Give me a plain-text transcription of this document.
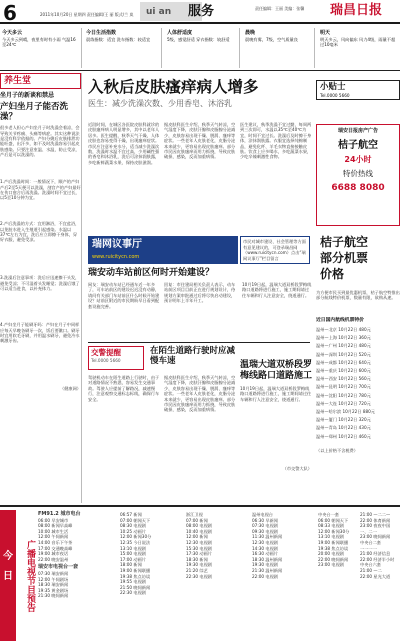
6	2011年10月20日 星期四 责任编辑/王 丽 版式/兰 岚	ui an	服务	责任编辑：王丽 美编：张馨	瑞昌日报
今天多云
今天多云到晴，夜里有时有小雨 气温16至24℃
今日生活指数
晨练指数：适宜 洗车指数：较适宜
人体舒适度
5级，感觉舒适 穿衣指数：较舒适
晨晚
晨晚有雾，7级，空气质量良
明天
明天多云，风向偏东 风力4级，雨量不超过10毫米
养生堂
坐月子的新谈和禁忌
产妇坐月子能否洗澡？
很多老人担心产妇坐月子时洗澡会着凉，会导致关节疼痛、头痛等病症。其实这种说法是没有科学依据的。产妇分娩后皮肤排泄功能旺盛，出汗多，如不及时洗澡容易引起皮肤感染。只要注意室温、水温，防止受凉，产后是可以洗澡的。
1.产后洗澡时间：一般情况下，顺产的产妇产后2至5天便可以洗澡，剖宫产的产妇最好在伤口愈合后再洗澡。洗澡时间不宜过长，以5至10分钟为宜。
2.产后洗澡的方式：宜用淋浴，不宜盆浴，以免脏水进入生殖道引起感染。水温以37℃左右为宜，洗后应立即擦干身体，穿好衣服，避免受凉。
3.洗澡后注意事项：洗后应迅速擦干头发，避免受凉；不可湿着头发睡觉；洗澡后饿了可以适当进食，以补充体力。
4.产妇坐月子能刷牙吗：产妇在月子中同样应每天早晚各刷牙一次，饭后要漱口。刷牙时宜用软毛牙刷，并用温水刷牙，避免冷水刺激牙齿。
（健康网）
入秋后皮肤瘙痒病人增多
医生：减少洗澡次数、少用香皂、沐浴乳
近段时间，在城区各医院皮肤科就诊的皮肤瘙痒病人明显增多，其中以老年人居多。医生提醒，秋季天气干燥，人体皮肤也容易变得干燥，出现瘙痒症状。市民应注意补充水分，适当减少洗澡次数，洗澡时水温不宜过高，少用碱性强的香皂和沐浴乳，洗后可涂抹润肤露，多吃新鲜蔬菜水果，保持皮肤滋润。
据皮肤科医生介绍，秋季天气转凉，空气湿度下降，皮肤汗腺和皮脂腺分泌减少，皮肤容易出现干燥、脱屑、瘙痒等症状。一些老年人皮肤老化，皮脂分泌本来就少，更容易出现皮肤瘙痒。部分市民因皮肤瘙痒而用力抓挠，导致皮肤破损、感染，反而加重病情。
医生建议，秋季洗澡不宜过勤，每周两到三次即可，水温以35℃至40℃为宜，时间不宜过长。洗澡后及时擦干身体，涂抹润肤露。衣服宜选择纯棉制品，避免化纤、羊毛衣物直接接触皮肤。饮食上应多喝水，多吃蔬菜水果，少吃辛辣刺激性食物。
瑞网议事厅
www.ruicitycn.com
市民对城市建设、社会管理等方面有意见建议的，可登录瑞昌网（www.ruicitycn.com）点击“瑞网议事厅”栏目留言
瑞安动车站前区何时开始建设？
网友：瑞安动车站已经通车近一年多了，可车站前区的建设迟迟没有动静，请问有关部门车站前区什么时候开始建设？站前区附近的市民期盼早日看到配套设施完善。
回复：市住建局相关负责人表示，动车站前区项目目前正在进行规划设计，待规划方案审批通过后将尽快启动建设，预计明年上半年开工。
10月19日起，温瑞大道双桥段罗梅线路口道路将进行施工，施工期间请过往车辆和行人注意安全，绕道通行。
温瑞大道双桥段罗梅线路口道路施工
10月19日起，温瑞大道双桥段罗梅线路口道路将进行施工，施工期间请过往车辆和行人注意安全，绕道通行。
（市交警大队）
交警提醒
Tel.0000 5660
在陌生道路行驶时应减慢车速
驾驶机动车在陌生道路上行驶时，由于对道路情况不熟悉，容易发生交通事故。驾驶人应提前了解路况，减速慢行，注意观察交通标志标线，确保行车安全。
据皮肤科医生介绍，秋季天气转凉，空气湿度下降，皮肤汗腺和皮脂腺分泌减少，皮肤容易出现干燥、脱屑、瘙痒等症状。一些老年人皮肤老化，皮脂分泌本来就少，更容易出现皮肤瘙痒。部分市民因皮肤瘙痒而用力抓挠，导致皮肤破损、感染，反而加重病情。
小贴士
Tel.0000 5660
瑞安日报房产广告
桔子航空
24小时
特价热线
6688 8080
桔子航空
部分机票
价格
为方便市民买到最优惠机票，桔子航空特推出部分航线特价机票，数量有限，欲购从速。
近日国内航线机票特价
温州—北京 10月22日 480元
温州—上海 10月22日 360元
温州—广州 10月22日 480元
温州—深圳 10月22日 520元
温州—成都 10月22日 640元
温州—重庆 10月22日 600元
温州—西安 10月22日 560元
温州—昆明 10月22日 700元
温州—沈阳 10月22日 780元
温州—大连 10月22日 720元
温州—哈尔滨 10月22日 880元
温州—厦门 10月22日 320元
温州—青岛 10月22日 430元
温州—郑州 10月22日 460元
（以上价格不含税费）
今
日	广播电视节目预告
FM91.2 城市电台
06:00 早安城市
08:00 新闻早高峰
10:00 城市生活
12:00 午间新闻
14:00 音乐下午茶
17:00 交通晚高峰
19:00 城市夜话
22:00 晚安温州
瑞安市电视台一套
07:30 瑞安新闻
12:00 午间剧场
18:30 瑞安新闻
19:35 黄金剧场
21:30 晚间新闻
06:57 新闻
07:00 朝闻天下
08:30 电视剧
10:25 动画片
12:00 新闻30分
12:35 今日说法
13:10 电视剧
15:00 电视剧
17:00 动画片
18:00 新闻
19:00 新闻联播
19:38 焦点访谈
19:55 电视剧
21:50 晚间新闻
22:30 电视剧
浙江卫视
07:00 新闻
08:00 电视剧
10:40 电视剧
12:00 新闻
12:30 电视剧
15:30 电视剧
17:30 动画片
18:30 新闻
19:30 电视剧
21:20 综艺
22:30 电视剧
温州电视台
06:30 早新闻
07:30 电视剧
09:30 电视剧
11:30 温州新闻
12:30 电视剧
14:30 电视剧
16:30 动画片
18:30 温州新闻
19:30 电视剧
21:30 温州新闻
22:00 电视剧
中央台一套
06:00 朝闻天下
08:33 电视剧
12:00 新闻30分
13:10 电视剧
19:00 新闻联播
19:38 焦点访谈
20:00 电视剧
22:00 晚间新闻
23:00 电视剧
21:00 —二二—
22:00 体育新闻
23:00 夜夜中国
一、二一
23:00 晚间新闻
中央台二套
一一一一
21:00 经济信息
22:00 经济半小时
中央台六套
21:00 —二
22:00 星光大道
